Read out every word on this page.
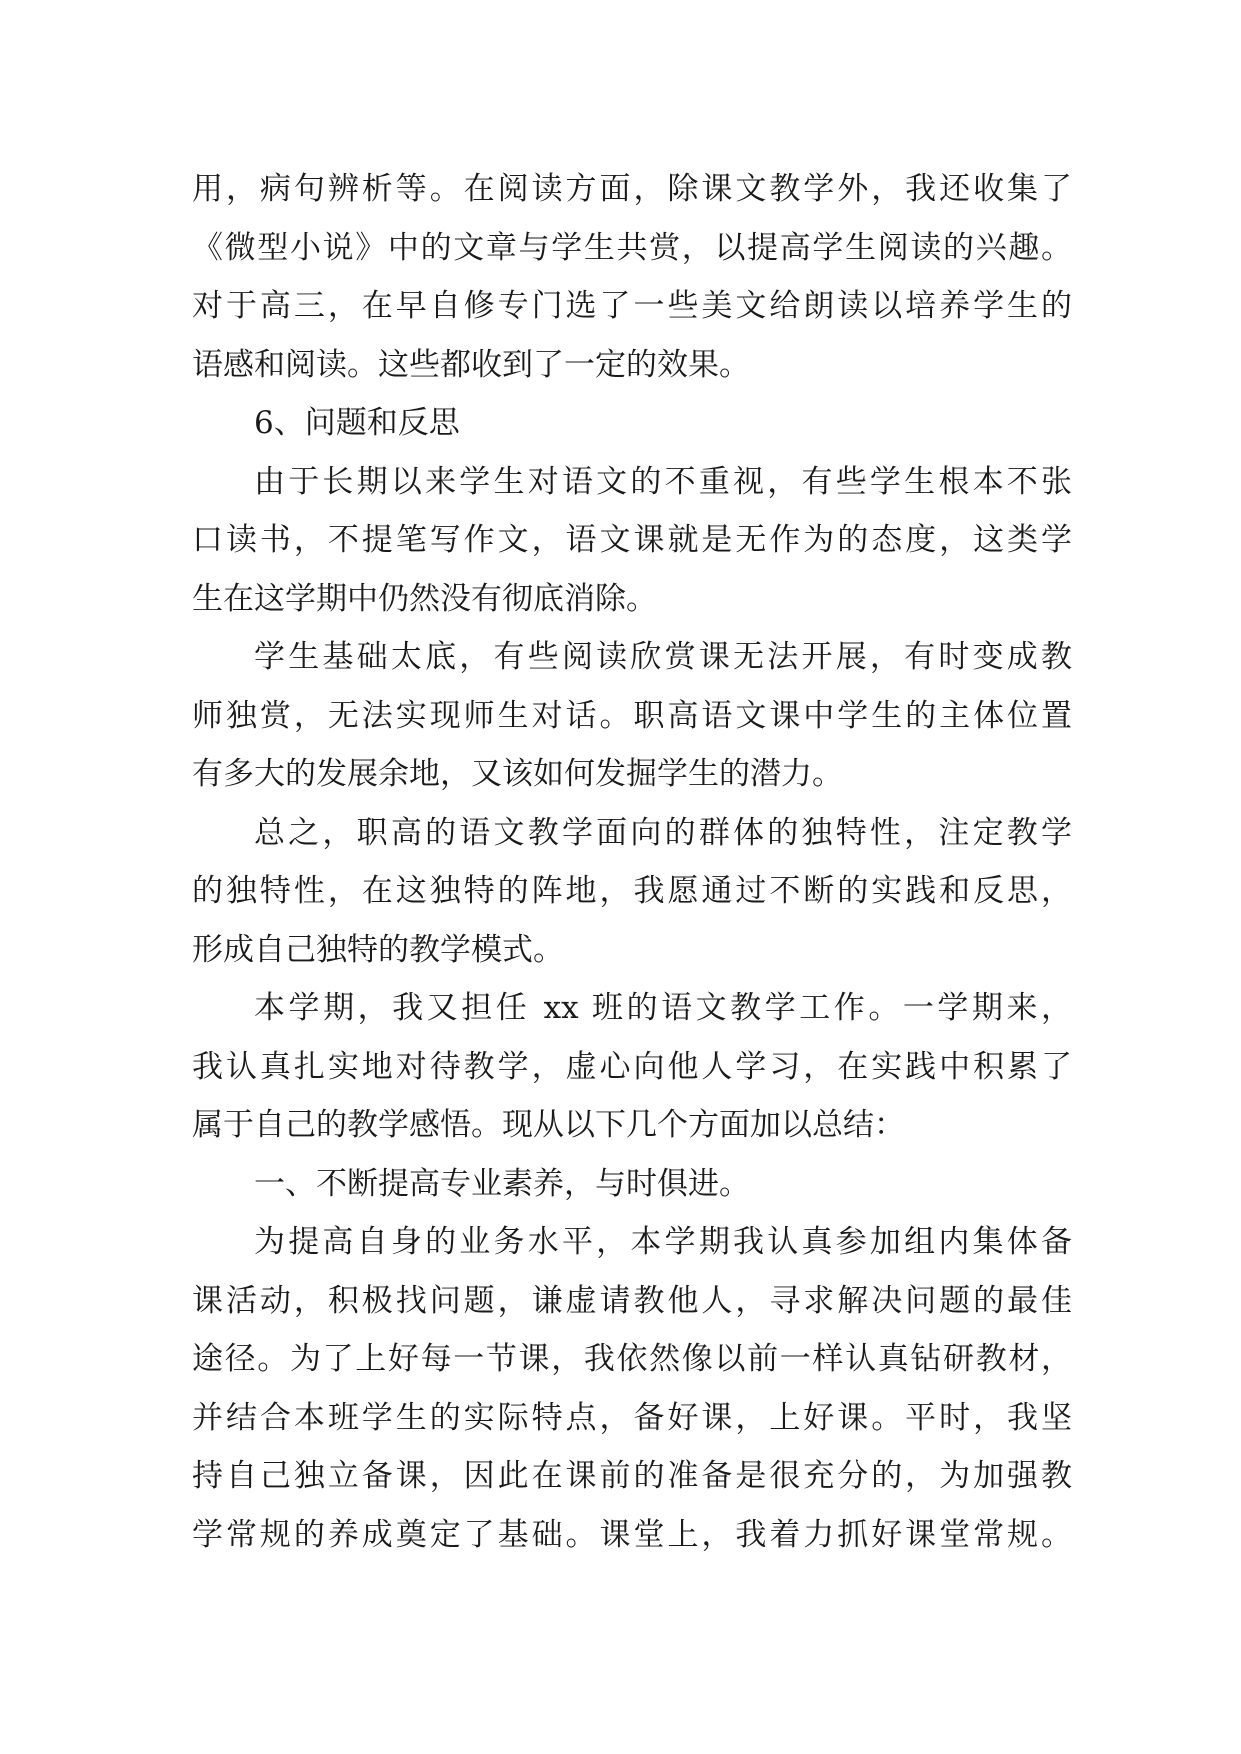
用，病句辨析等。在阅读方面，除课文教学外，我还收集了
《微型小说》中的文章与学生共赏，以提高学生阅读的兴趣。
对于高三，在早自修专门选了一些美文给朗读以培养学生的
语感和阅读。这些都收到了一定的效果。
6、问题和反思
由于长期以来学生对语文的不重视，有些学生根本不张
口读书，不提笔写作文，语文课就是无作为的态度，这类学
生在这学期中仍然没有彻底消除。
学生基础太底，有些阅读欣赏课无法开展，有时变成教
师独赏，无法实现师生对话。职高语文课中学生的主体位置
有多大的发展余地，又该如何发掘学生的潜力。
总之，职高的语文教学面向的群体的独特性，注定教学
的独特性，在这独特的阵地，我愿通过不断的实践和反思，
形成自己独特的教学模式。
本学期，我又担任 xx 班的语文教学工作。一学期来，
我认真扎实地对待教学，虚心向他人学习，在实践中积累了
属于自己的教学感悟。现从以下几个方面加以总结：
一、不断提高专业素养，与时俱进。
为提高自身的业务水平，本学期我认真参加组内集体备
课活动，积极找问题，谦虚请教他人，寻求解决问题的最佳
途径。为了上好每一节课，我依然像以前一样认真钻研教材，
并结合本班学生的实际特点，备好课，上好课。平时，我坚
持自己独立备课，因此在课前的准备是很充分的，为加强教
学常规的养成奠定了基础。课堂上，我着力抓好课堂常规。
